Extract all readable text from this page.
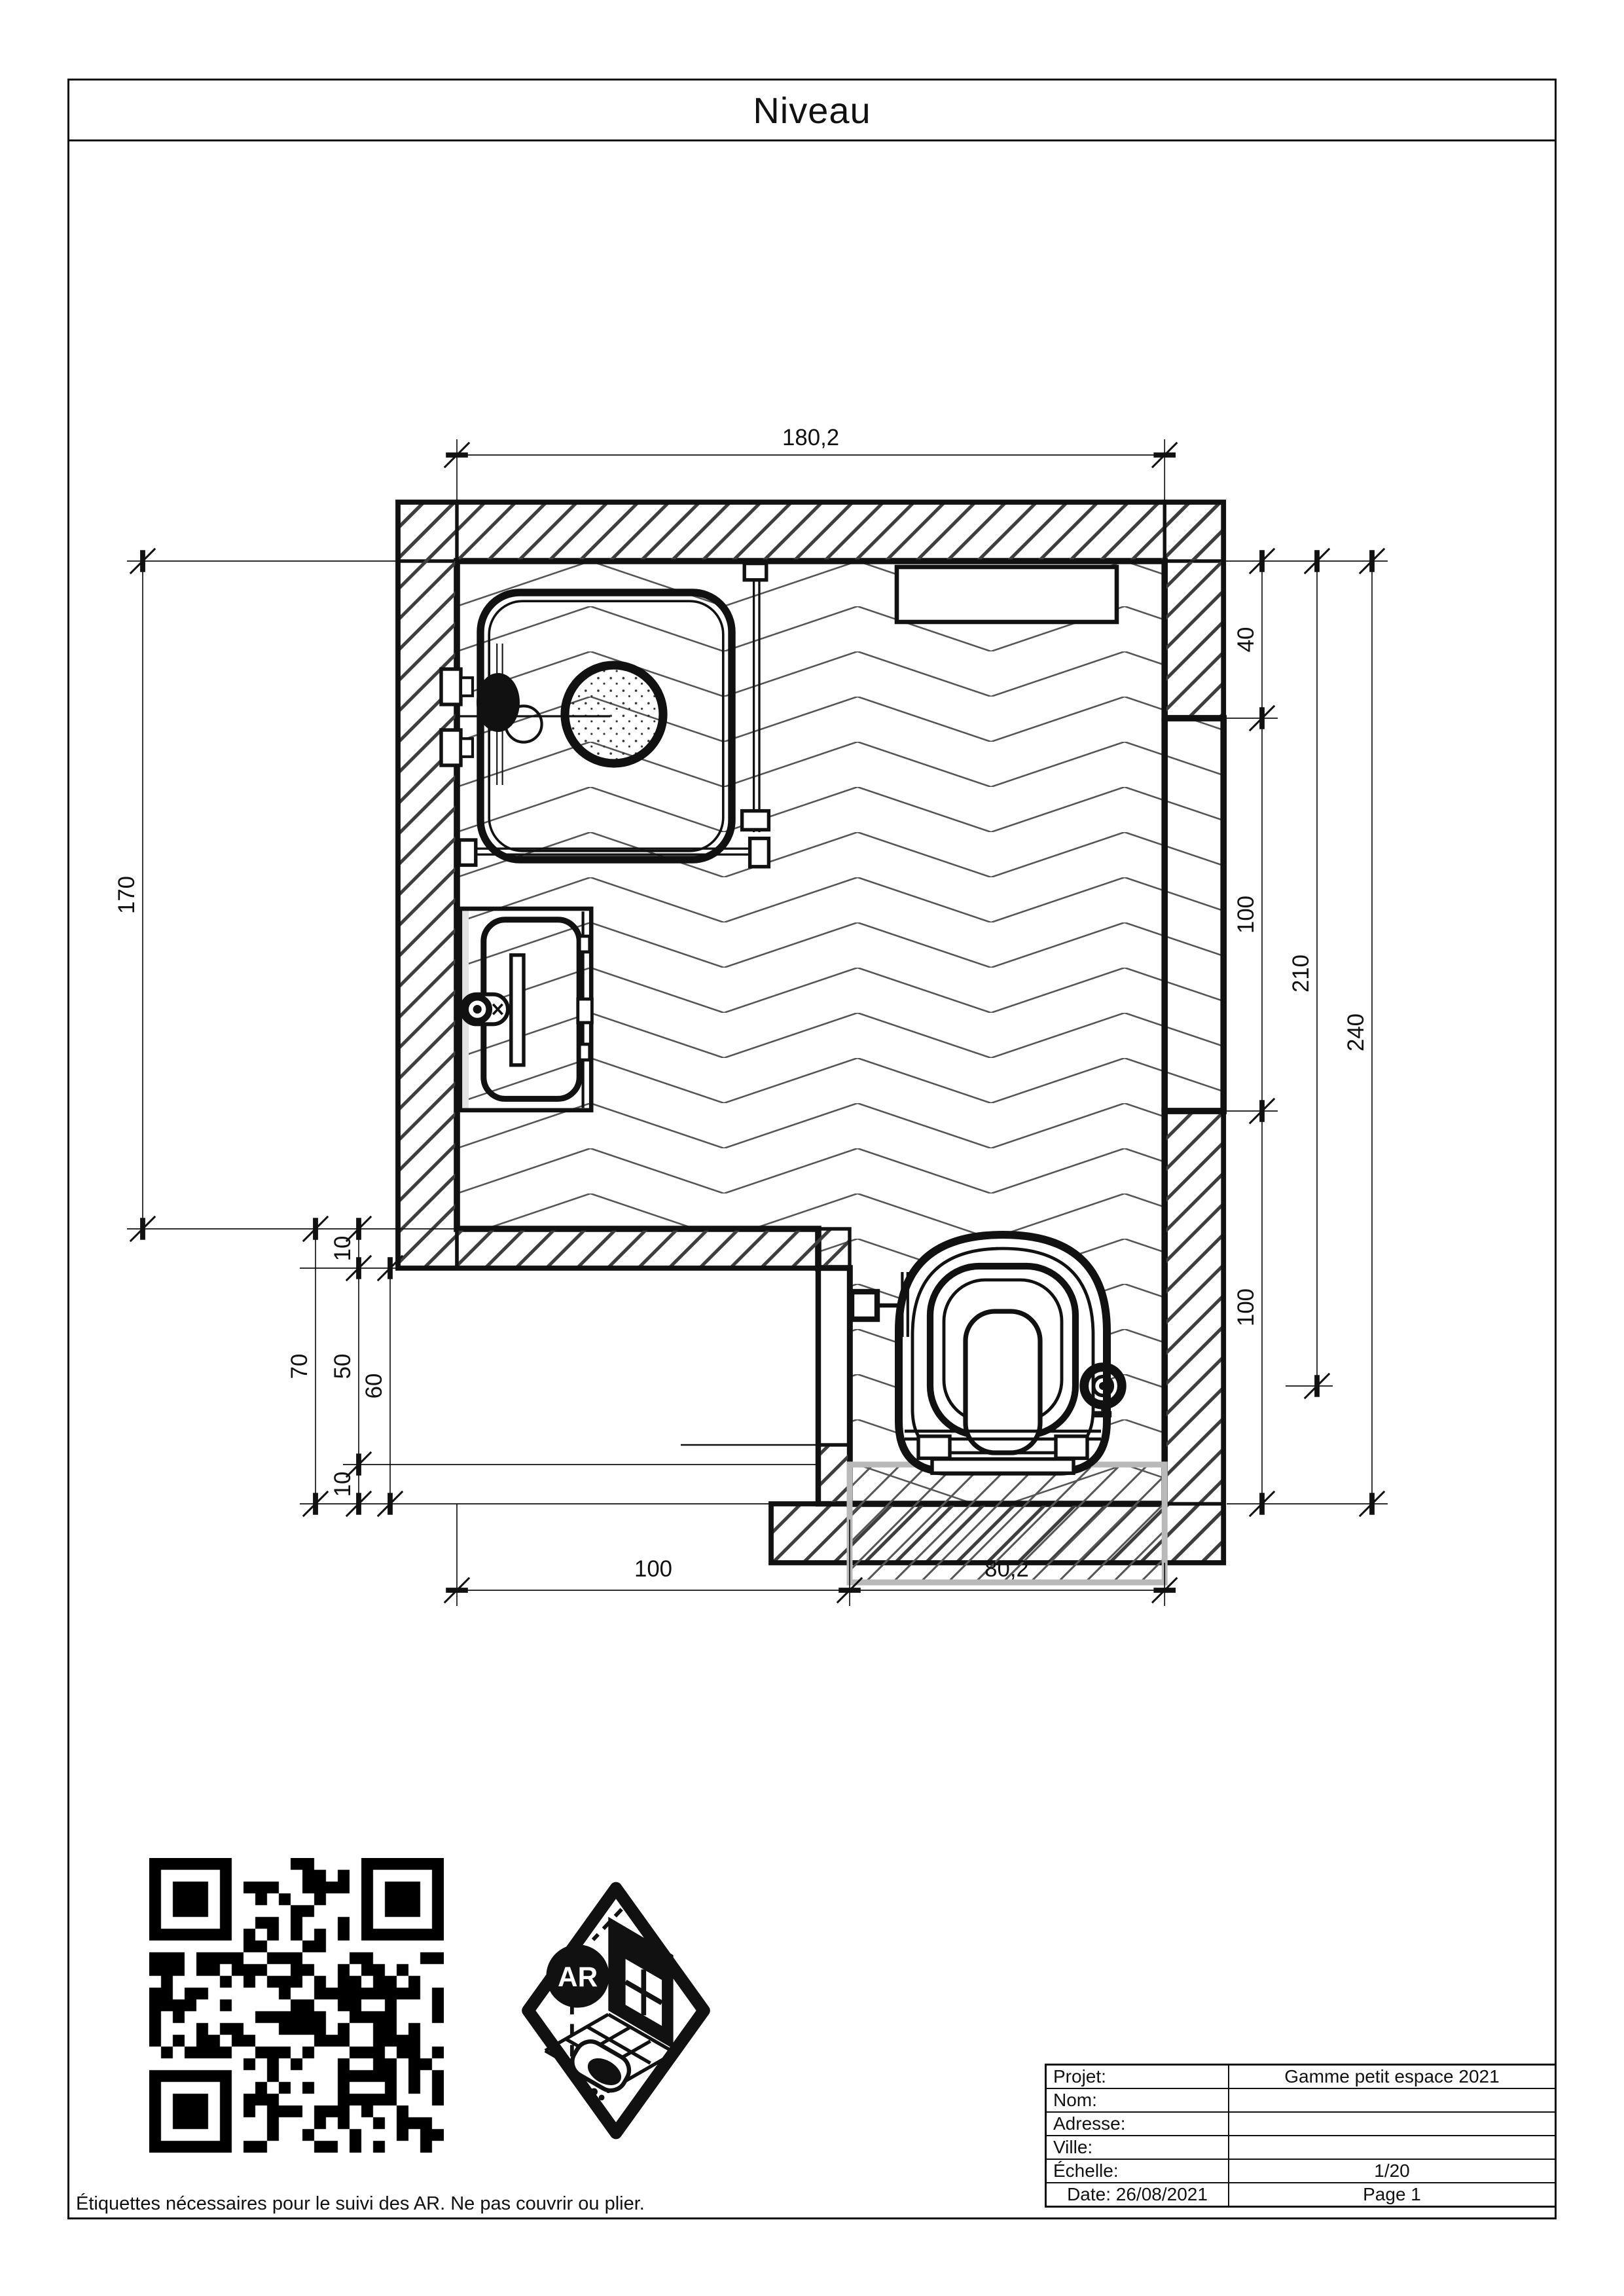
Niveau
180,2
100	80,2
170
70
10
50
10
60
40
100
100
210
240
AR
Projet:	Gamme petit espace 2021
Nom:	
Adresse:	
Ville:	
Échelle:	1/20
Date: 26/08/2021	Page 1
Étiquettes nécessaires pour le suivi des AR. Ne pas couvrir ou plier.
